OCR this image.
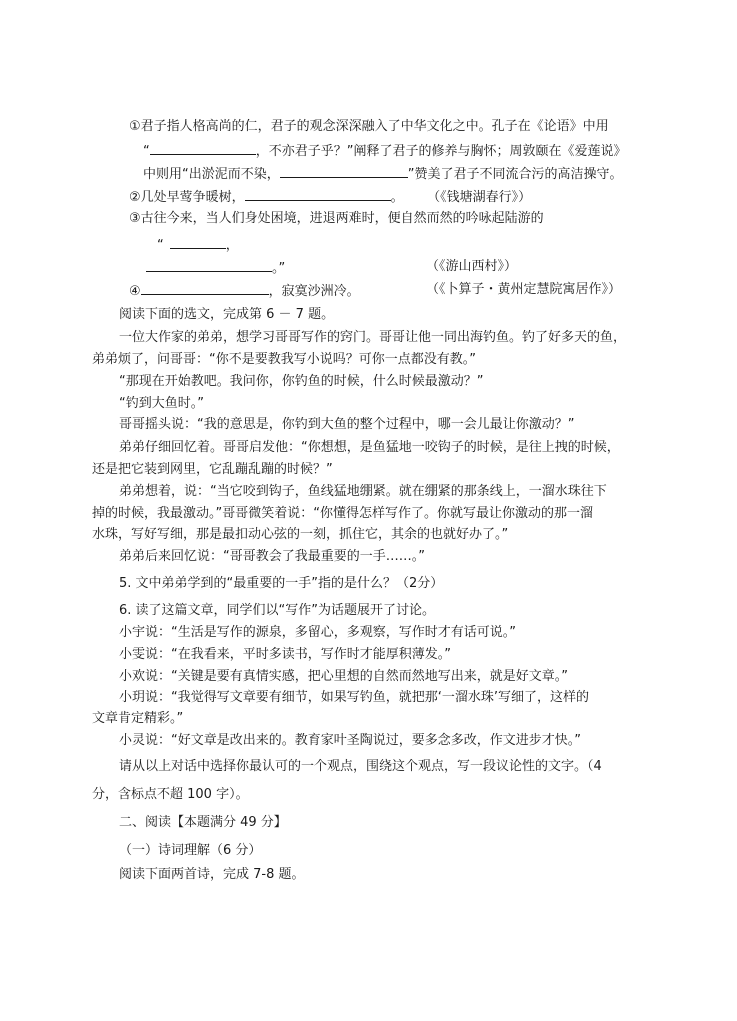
①君子指人格高尚的仁，君子的观念深深融入了中华文化之中。孔子在《论语》中用
“	，不亦君子乎？”阐释了君子的修养与胸怀；周敦颐在《爱莲说》
中则用“出淤泥而不染，	”赞美了君子不同流合污的高洁操守。
②几处早莺争暖树，	。 （《钱塘湖春行》）
③古往今来，当人们身处困境，进退两难时，便自然而然的吟咏起陆游的
“	，
。”	（《游山西村》）
④	，寂寞沙洲冷。	（《卜算子・黄州定慧院寓居作》）
阅读下面的选文，完成第 6 － 7 题。
一位大作家的弟弟，想学习哥哥写作的窍门。哥哥让他一同出海钓鱼。钓了好多天的鱼，
弟弟烦了，问哥哥：“你不是要教我写小说吗？可你一点都没有教。”
“那现在开始教吧。我问你，你钓鱼的时候，什么时候最激动？”
“钓到大鱼时。”
哥哥摇头说：“我的意思是，你钓到大鱼的整个过程中，哪一会儿最让你激动？”
弟弟仔细回忆着。哥哥启发他：“你想想，是鱼猛地一咬钩子的时候，是往上拽的时候，
还是把它装到网里，它乱蹦乱蹦的时候？”
弟弟想着，说：“当它咬到钩子，鱼线猛地绷紧。就在绷紧的那条线上，一溜水珠往下
掉的时候，我最激动。”哥哥微笑着说：“你懂得怎样写作了。你就写最让你激动的那一溜
水珠，写好写细，那是最扣动心弦的一刻，抓住它，其余的也就好办了。”
弟弟后来回忆说：“哥哥教会了我最重要的一手……。”
5. 文中弟弟学到的“最重要的一手”指的是什么？（2分）
6. 读了这篇文章，同学们以“写作”为话题展开了讨论。
小宇说：“生活是写作的源泉，多留心，多观察，写作时才有话可说。”
小雯说：“在我看来，平时多读书，写作时才能厚积薄发。”
小欢说：“关键是要有真情实感，把心里想的自然而然地写出来，就是好文章。”
小玥说：“我觉得写文章要有细节，如果写钓鱼，就把那‘一溜水珠’写细了，这样的
文章肯定精彩。”
小灵说：“好文章是改出来的。教育家叶圣陶说过，要多念多改，作文进步才快。”
请从以上对话中选择你最认可的一个观点，围绕这个观点，写一段议论性的文字。（4
分，含标点不超 100 字）。
二、阅读【本题满分 49 分】
（一）诗词理解（6 分）
阅读下面两首诗，完成 7-8 题。
